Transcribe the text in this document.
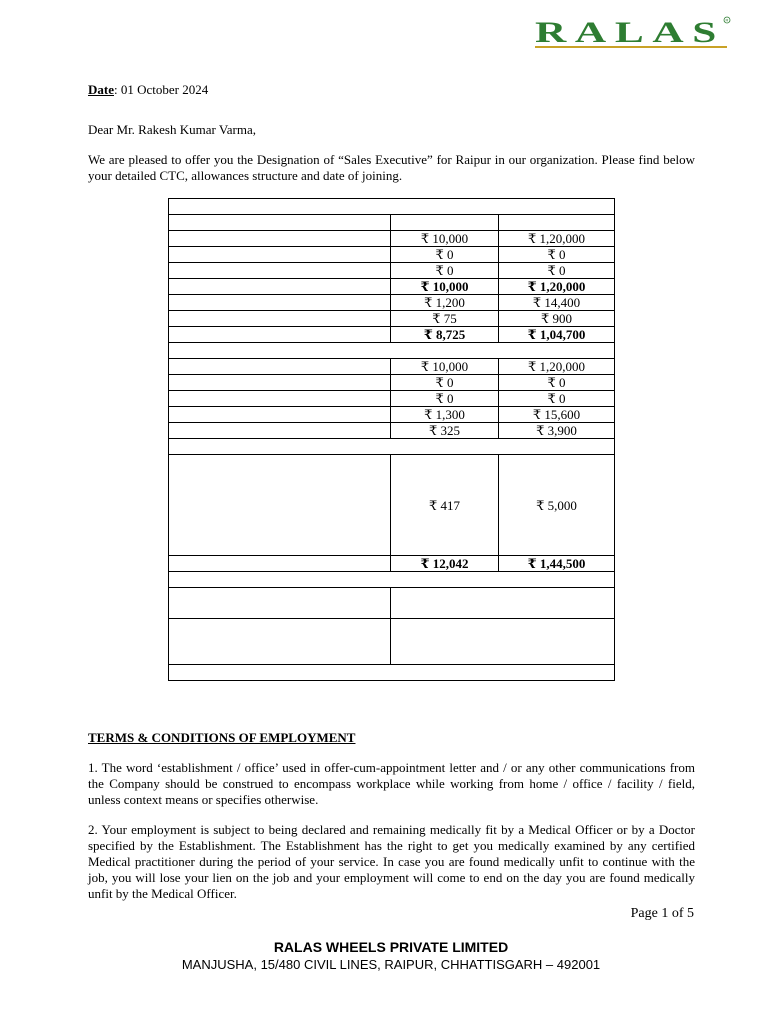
RALAS R
Date: 01 October 2024
Dear Mr. Rakesh Kumar Varma,
We are pleased to offer you the Designation of “Sales Executive” for Raipur in our organization. Please find below your detailed CTC, allowances structure and date of joining.

	₹ 10,000	₹ 1,20,000
	₹ 0	₹ 0
	₹ 0	₹ 0
	₹ 10,000	₹ 1,20,000
	₹ 1,200	₹ 14,400
	₹ 75	₹ 900
	₹ 8,725	₹ 1,04,700

	₹ 10,000	₹ 1,20,000
	₹ 0	₹ 0
	₹ 0	₹ 0
	₹ 1,300	₹ 15,600
	₹ 325	₹ 3,900

	₹ 417	₹ 5,000
	₹ 12,042	₹ 1,44,500

TERMS & CONDITIONS OF EMPLOYMENT
1. The word ‘establishment / office’ used in offer-cum-appointment letter and / or any other communications from the Company should be construed to encompass workplace while working from home / office / facility / field, unless context means or specifies otherwise.
2. Your employment is subject to being declared and remaining medically fit by a Medical Officer or by a Doctor specified by the Establishment. The Establishment has the right to get you medically examined by any certified Medical practitioner during the period of your service. In case you are found medically unfit to continue with the job, you will lose your lien on the job and your employment will come to end on the day you are found medically unfit by the Medical Officer.
Page 1 of 5
RALAS WHEELS PRIVATE LIMITED
MANJUSHA, 15/480 CIVIL LINES, RAIPUR, CHHATTISGARH – 492001
